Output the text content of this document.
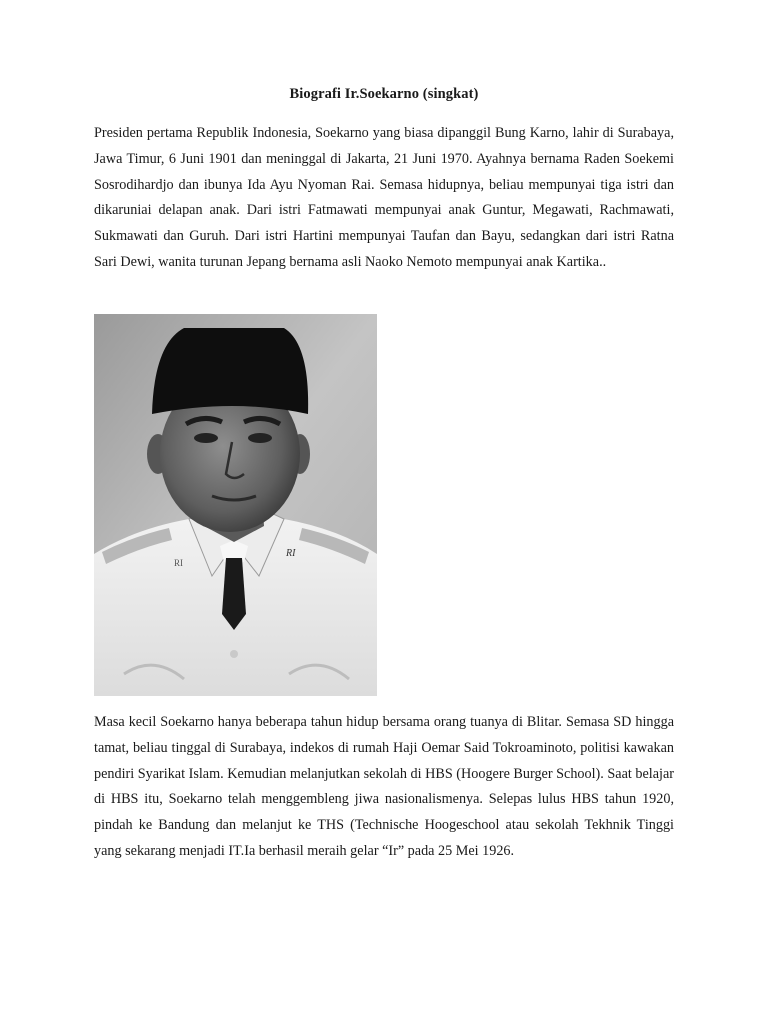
Biografi Ir.Soekarno (singkat)

Presiden pertama Republik Indonesia, Soekarno yang biasa dipanggil Bung Karno, lahir di Surabaya, Jawa Timur, 6 Juni 1901 dan meninggal di Jakarta, 21 Juni 1970. Ayahnya bernama Raden Soekemi Sosrodihardjo dan ibunya Ida Ayu Nyoman Rai. Semasa hidupnya, beliau mempunyai tiga istri dan dikaruniai delapan anak. Dari istri Fatmawati mempunyai anak Guntur, Megawati, Rachmawati, Sukmawati dan Guruh. Dari istri Hartini mempunyai Taufan dan Bayu, sedangkan dari istri Ratna Sari Dewi, wanita turunan Jepang bernama asli Naoko Nemoto mempunyai anak Kartika..

RI
RI

Masa kecil Soekarno hanya beberapa tahun hidup bersama orang tuanya di Blitar. Semasa SD hingga tamat, beliau tinggal di Surabaya, indekos di rumah Haji Oemar Said Tokroaminoto, politisi kawakan pendiri Syarikat Islam. Kemudian melanjutkan sekolah di HBS (Hoogere Burger School). Saat belajar di HBS itu, Soekarno telah menggembleng jiwa nasionalismenya. Selepas lulus HBS tahun 1920, pindah ke Bandung dan melanjut ke THS (Technische Hoogeschool atau sekolah Tekhnik Tinggi yang sekarang menjadi IT.Ia berhasil meraih gelar “Ir” pada 25 Mei 1926.
